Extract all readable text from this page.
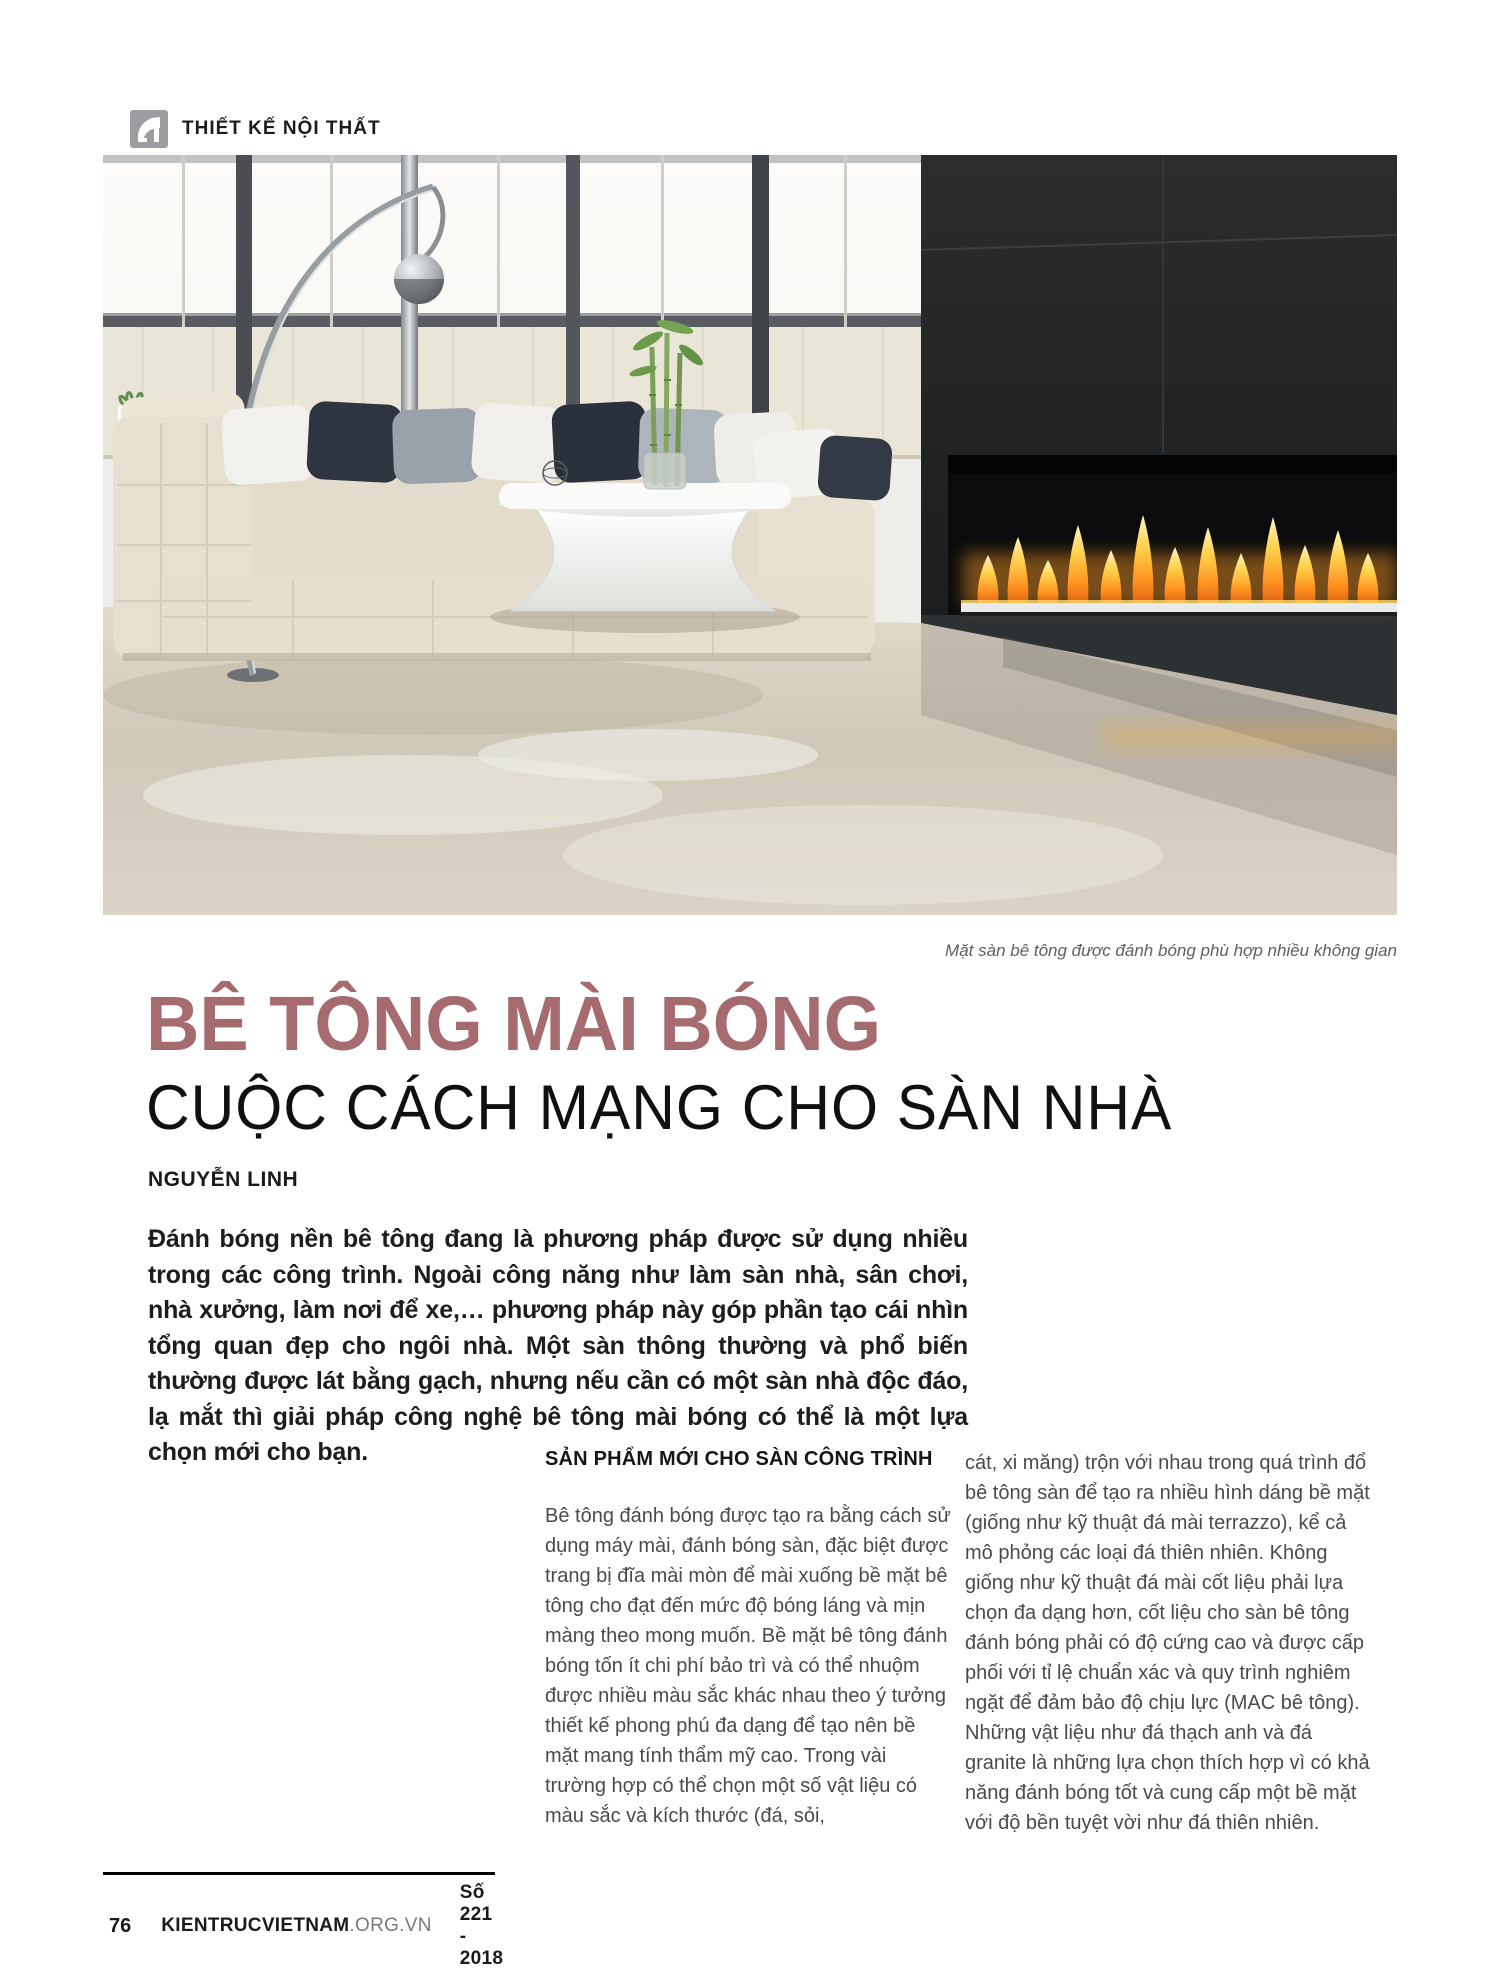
THIẾT KẾ NỘI THẤT
Mặt sàn bê tông được đánh bóng phù hợp nhiều không gian
BÊ TÔNG MÀI BÓNG
CUỘC CÁCH MẠNG CHO SÀN NHÀ
NGUYỄN LINH

Đánh bóng nền bê tông đang là phương pháp được sử dụng nhiều trong các công trình. Ngoài công năng như làm sàn nhà, sân chơi, nhà xưởng, làm nơi để xe,… phương pháp này góp phần tạo cái nhìn tổng quan đẹp cho ngôi nhà. Một sàn thông thường và phổ biến thường được lát bằng gạch, nhưng nếu cần có một sàn nhà độc đáo, lạ mắt thì giải pháp công nghệ bê tông mài bóng có thể là một lựa chọn mới cho bạn.	SẢN PHẨM MỚI CHO SÀN CÔNG TRÌNH

Bê tông đánh bóng được tạo ra bằng cách sử dụng máy mài, đánh bóng sàn, đặc biệt được trang bị đĩa mài mòn để mài xuống bề mặt bê tông cho đạt đến mức độ bóng láng và mịn màng theo mong muốn. Bề mặt bê tông đánh bóng tốn ít chi phí bảo trì và có thể nhuộm được nhiều màu sắc khác nhau theo ý tưởng thiết kế phong phú đa dạng để tạo nên bề mặt mang tính thẩm mỹ cao. Trong vài trường hợp có thể chọn một số vật liệu có màu sắc và kích thước (đá, sỏi,

cát, xi măng) trộn với nhau trong quá trình đổ bê tông sàn để tạo ra nhiều hình dáng bề mặt (giống như kỹ thuật đá mài terrazzo), kể cả mô phỏng các loại đá thiên nhiên. Không giống như kỹ thuật đá mài cốt liệu phải lựa chọn đa dạng hơn, cốt liệu cho sàn bê tông đánh bóng phải có độ cứng cao và được cấp phối với tỉ lệ chuẩn xác và quy trình nghiêm ngặt để đảm bảo độ chịu lực (MAC bê tông). Những vật liệu như đá thạch anh và đá granite là những lựa chọn thích hợp vì có khả năng đánh bóng tốt và cung cấp một bề mặt với độ bền tuyệt vời như đá thiên nhiên.

76	KIENTRUCVIETNAM.ORG.VN
Số 221 - 2018
